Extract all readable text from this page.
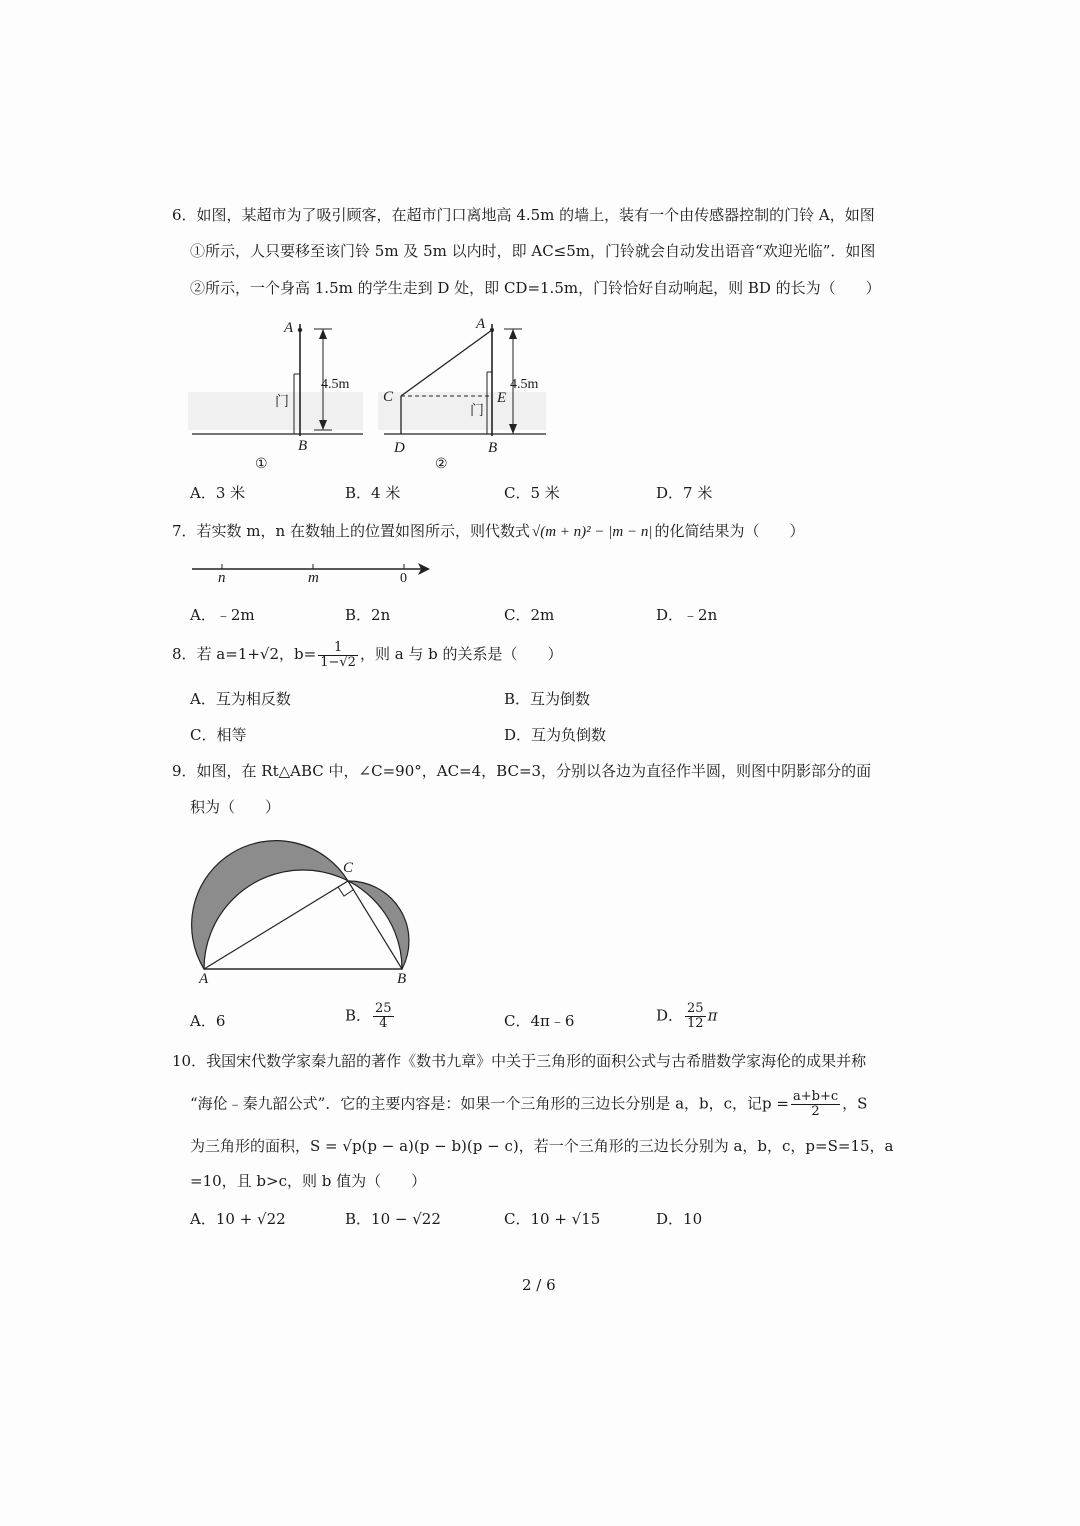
6．如图，某超市为了吸引顾客，在超市门口离地高 4.5m 的墙上，装有一个由传感器控制的门铃 A，如图
①所示，人只要移至该门铃 5m 及 5m 以内时，即 AC≤5m，门铃就会自动发出语音“欢迎光临”．如图
②所示，一个身高 1.5m 的学生走到 D 处，即 CD=1.5m，门铃恰好自动响起，则 BD 的长为（　　）
A
B
门
4.5m
①
A
B
C
D
E
门
4.5m
②
A．3 米	B．4 米	C．5 米	D．7 米
7．若实数 m，n 在数轴上的位置如图所示，则代数式 √(m + n)² − |m − n| 的化简结果为（　　）
n	m	0
A．﹣2m	B．2n	C．2m	D．﹣2n
8．若 a=1+√2，$b= \frac{1}{1-√2}$ ，则 a 与 b 的关系是（　　）
A．互为相反数	B．互为倒数
C．相等	D．互为负倒数
9．如图，在 Rt△ABC 中，∠C=90°，AC=4，BC=3，分别以各边为直径作半圆，则图中阴影部分的面
积为（　　）
A	B
C
A．6	B． $\frac{25}{4}$	C．4π﹣6	D． $\frac{25}{12}$ π
10．我国宋代数学家秦九韶的著作《数书九章》中关于三角形的面积公式与古希腊数学家海伦的成果并称
“海伦﹣秦九韶公式”．它的主要内容是：如果一个三角形的三边长分别是 a，b，c，记$p = \frac{a+b+c}{2}$ ，S
为三角形的面积，S = √p(p − a)(p − b)(p − c)，若一个三角形的三边长分别为 a，b，c，p=S=15，a
=10，且 b>c，则 b 值为（　　）
A．10 + √22	B．10 − √22	C．10 + √15	D．10
2 / 6
